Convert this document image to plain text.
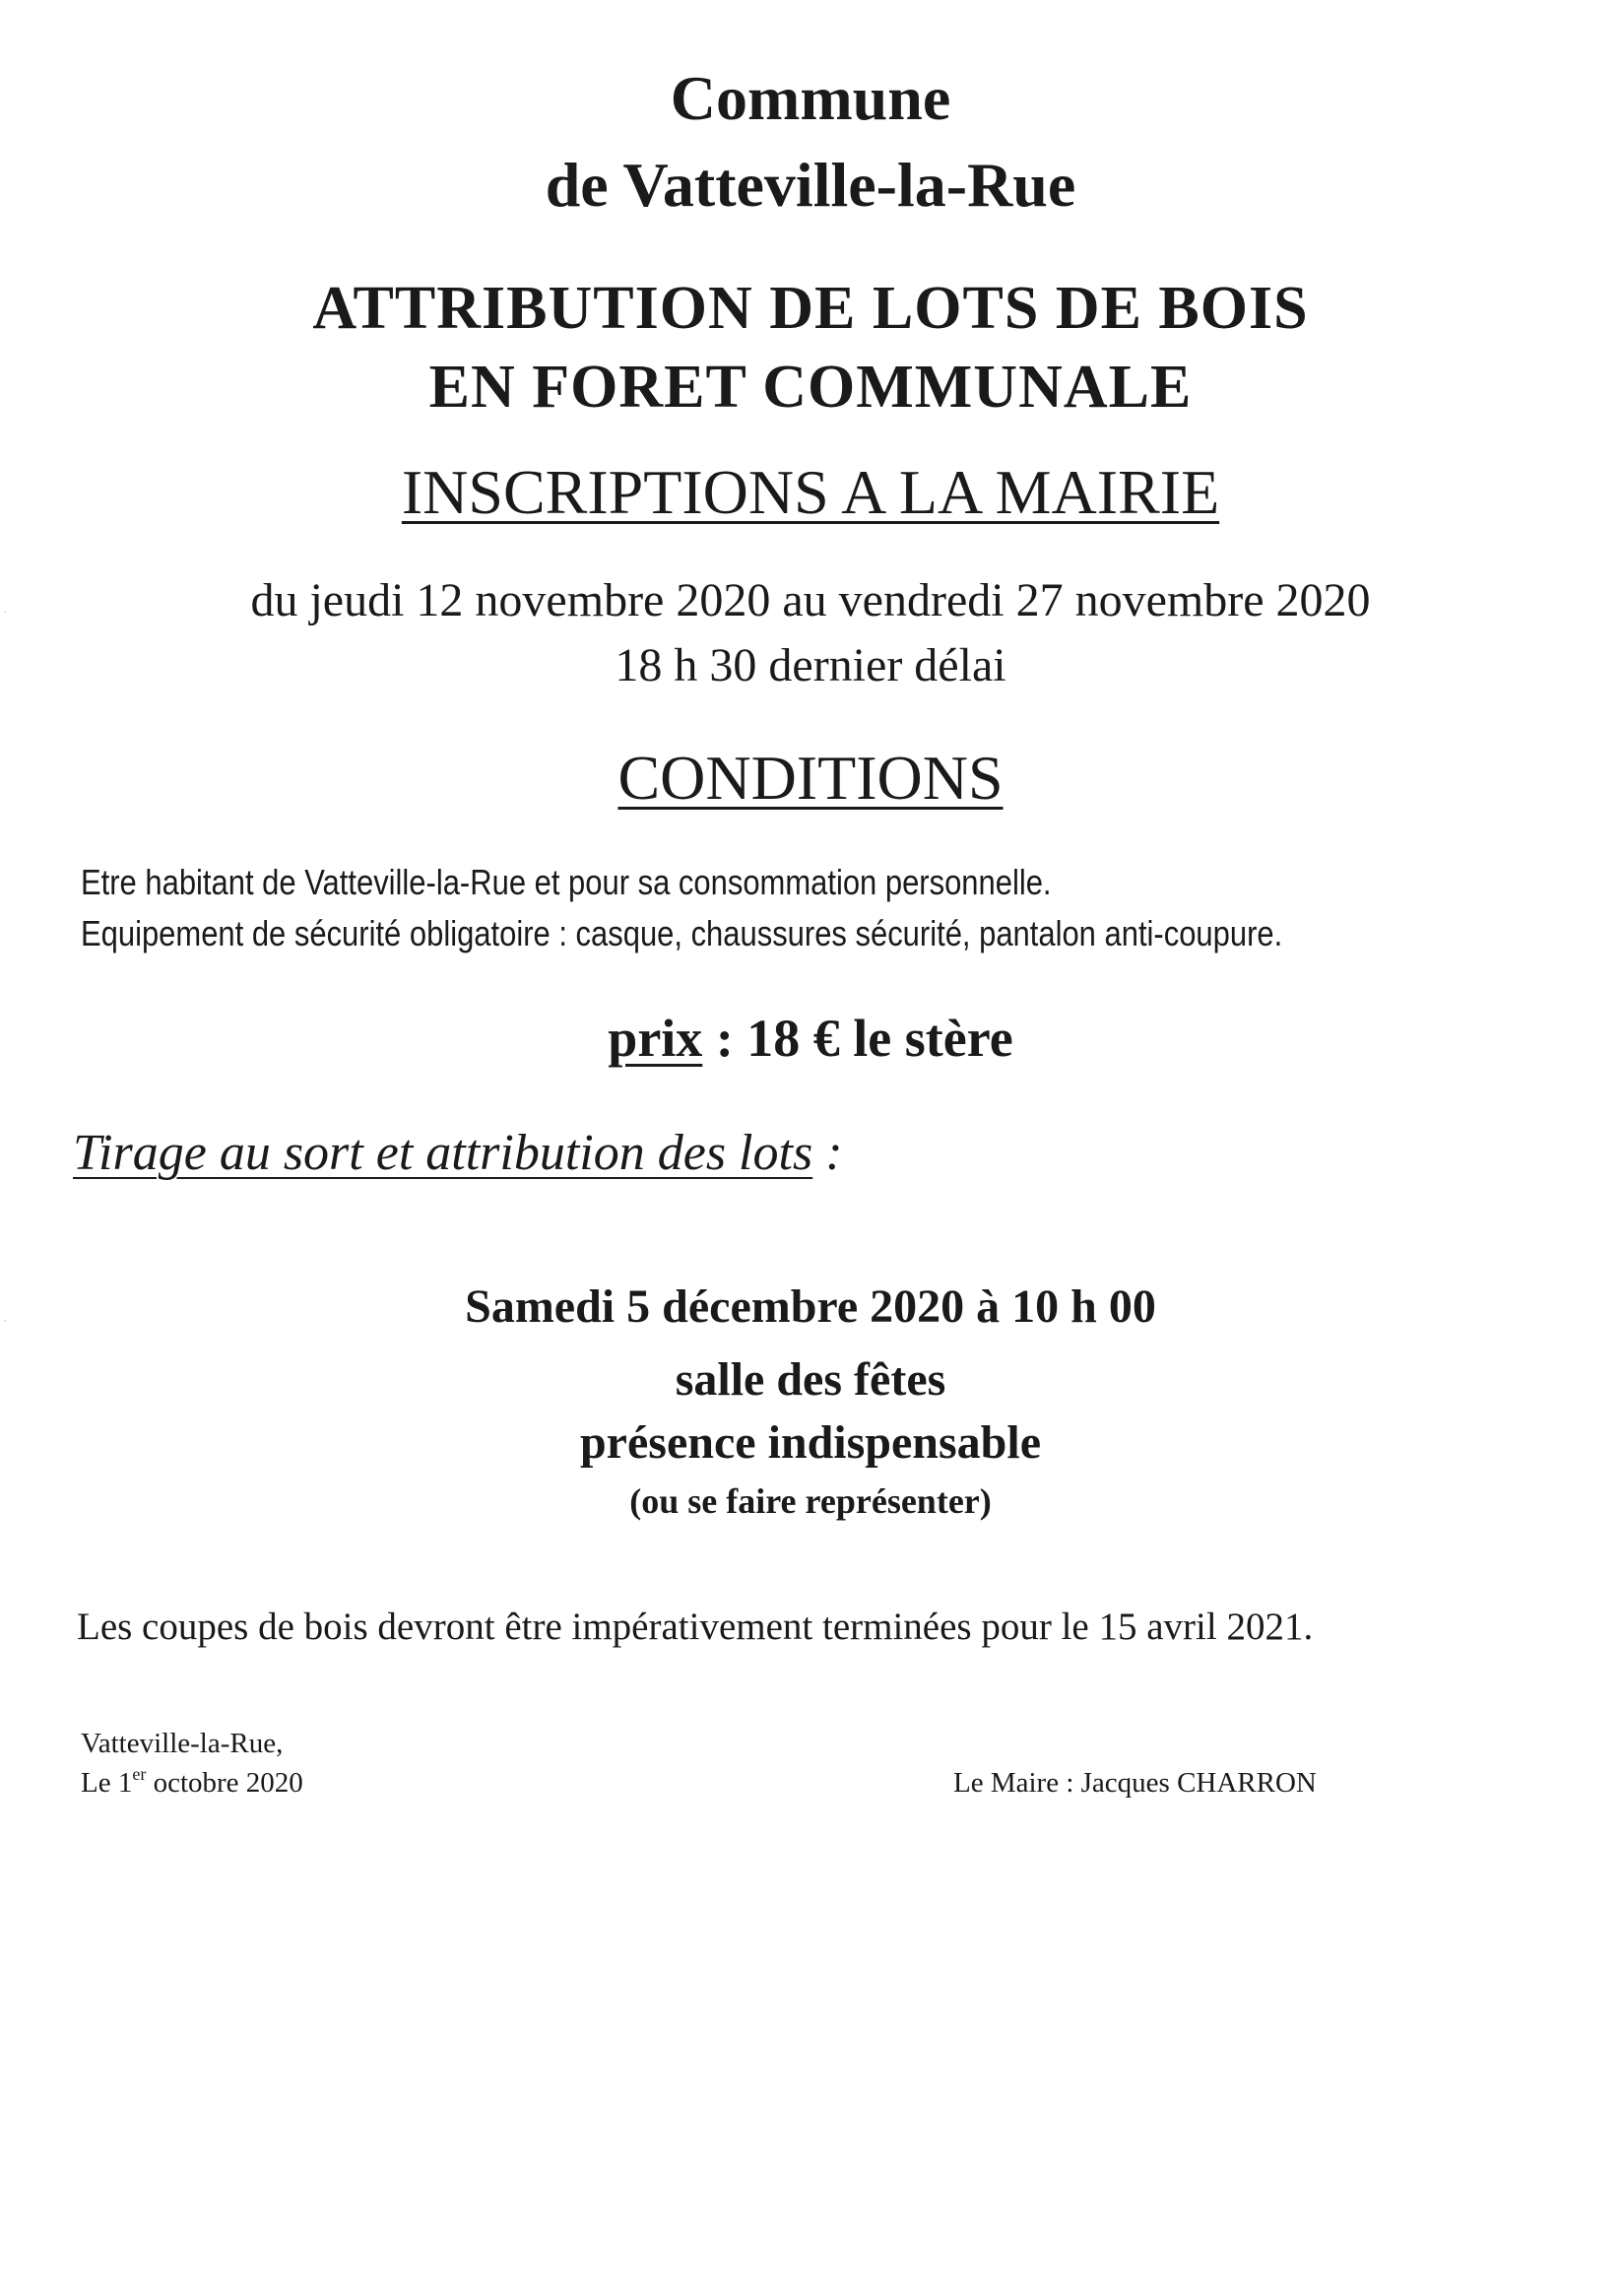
Commune

de Vatteville-la-Rue

ATTRIBUTION DE LOTS DE BOIS

EN FORET COMMUNALE

INSCRIPTIONS A LA MAIRIE

du jeudi 12 novembre 2020 au vendredi 27 novembre 2020

18 h 30 dernier délai

CONDITIONS

Etre habitant de Vatteville-la-Rue et pour sa consommation personnelle.

Equipement de sécurité obligatoire : casque, chaussures sécurité, pantalon anti-coupure.

prix : 18 € le stère

Tirage au sort et attribution des lots :

Samedi 5 décembre 2020 à 10 h 00

salle des fêtes

présence indispensable

(ou se faire représenter)

Les coupes de bois devront être impérativement terminées pour le 15 avril 2021.

Vatteville-la-Rue,

Le 1er octobre 2020	Le Maire : Jacques CHARRON
